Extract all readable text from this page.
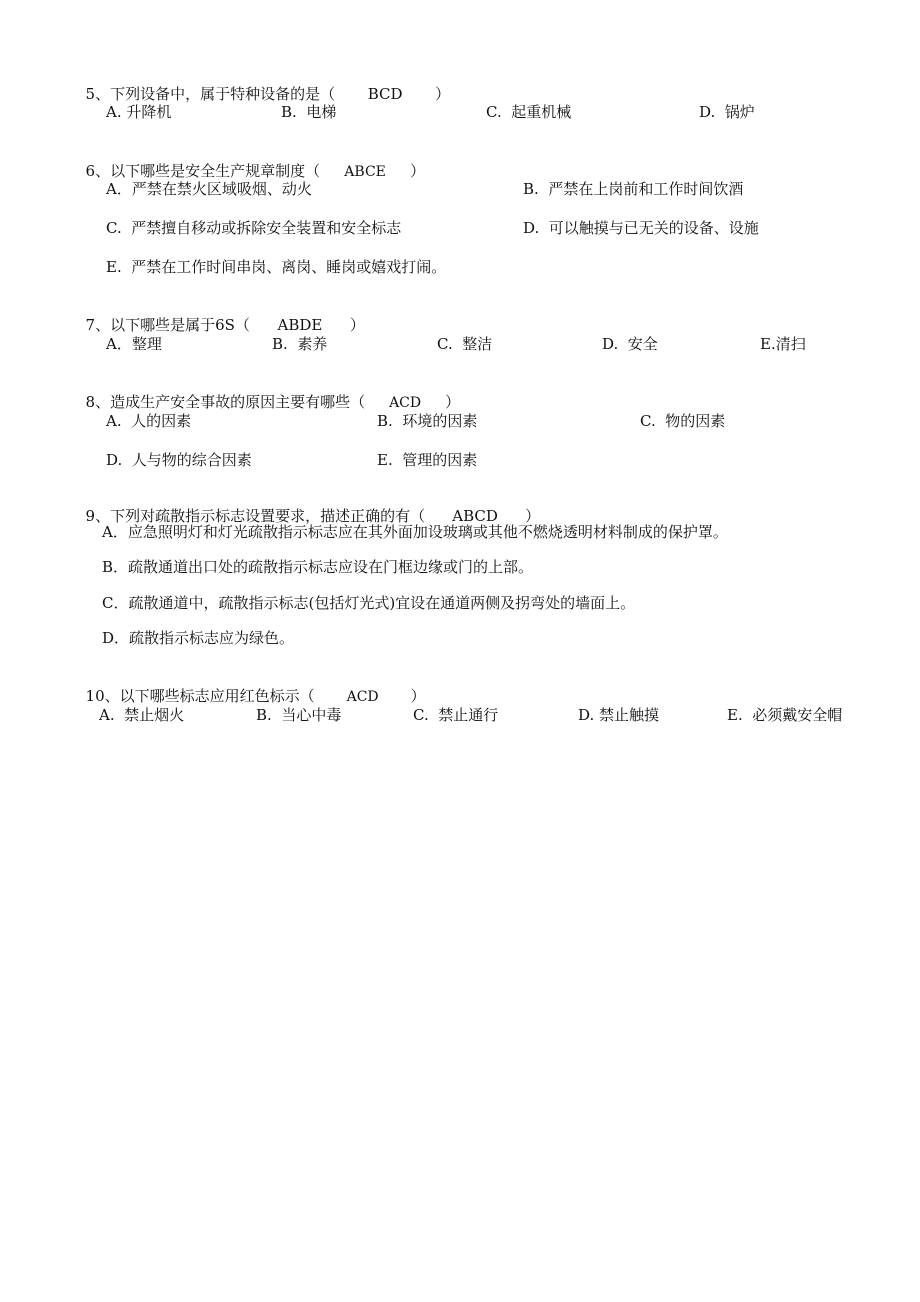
5、下列设备中，属于特种设备的是（ BCD ）

A. 升降机	B.  电梯	C.  起重机械	D.  锅炉

6、以下哪些是安全生产规章制度（ ABCE ）

A．严禁在禁火区域吸烟、动火	B.  严禁在上岗前和工作时间饮酒
C.  严禁擅自移动或拆除安全装置和安全标志	D.  可以触摸与已无关的设备、设施
E.  严禁在工作时间串岗、离岗、睡岗或嬉戏打闹。

7、以下哪些是属于6S（ ABDE ）

A．整理	B.  素养	C.  整洁	D.  安全	E.清扫

8、造成生产安全事故的原因主要有哪些（ ACD ）

A.  人的因素	B.  环境的因素	C.  物的因素
D.  人与物的综合因素	E.  管理的因素

9、下列对疏散指示标志设置要求，描述正确的有（ ABCD ）

A．应急照明灯和灯光疏散指示标志应在其外面加设玻璃或其他不燃烧透明材料制成的保护罩。
B．疏散通道出口处的疏散指示标志应设在门框边缘或门的上部。
C．疏散通道中，疏散指示标志(包括灯光式)宜设在通道两侧及拐弯处的墙面上。
D．疏散指示标志应为绿色。

10、以下哪些标志应用红色标示（ ACD ）

A.  禁止烟火	B.  当心中毒	C.  禁止通行	D. 禁止触摸	E.  必须戴安全帽
